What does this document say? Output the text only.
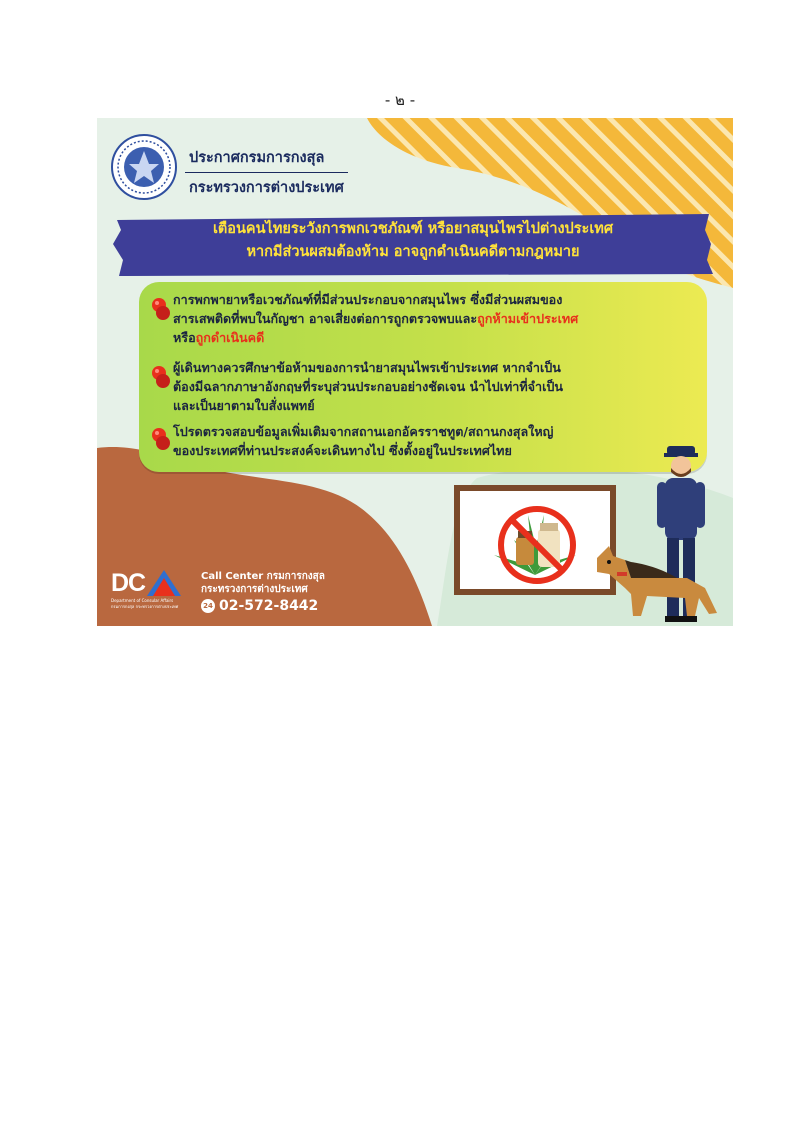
- ๒ -
ประกาศกรมการกงสุล
กระทรวงการต่างประเทศ
เตือนคนไทยระวังการพกเวชภัณฑ์ หรือยาสมุนไพรไปต่างประเทศ
หากมีส่วนผสมต้องห้าม อาจถูกดำเนินคดีตามกฎหมาย
การพกพายาหรือเวชภัณฑ์ที่มีส่วนประกอบจากสมุนไพร ซึ่งมีส่วนผสมของ
สารเสพติดที่พบในกัญชา อาจเสี่ยงต่อการถูกตรวจพบและถูกห้ามเข้าประเทศ
หรือถูกดำเนินคดี
ผู้เดินทางควรศึกษาข้อห้ามของการนำยาสมุนไพรเข้าประเทศ หากจำเป็น
ต้องมีฉลากภาษาอังกฤษที่ระบุส่วนประกอบอย่างชัดเจน นำไปเท่าที่จำเป็น
และเป็นยาตามใบสั่งแพทย์
โปรดตรวจสอบข้อมูลเพิ่มเติมจากสถานเอกอัครราชทูต/สถานกงสุลใหญ่
ของประเทศที่ท่านประสงค์จะเดินทางไป ซึ่งตั้งอยู่ในประเทศไทย
DC
Department of Consular Affairs
กรมการกงสุล กระทรวงการต่างประเทศ
Call Center กรมการกงสุล
กระทรวงการต่างประเทศ
24 02-572-8442
